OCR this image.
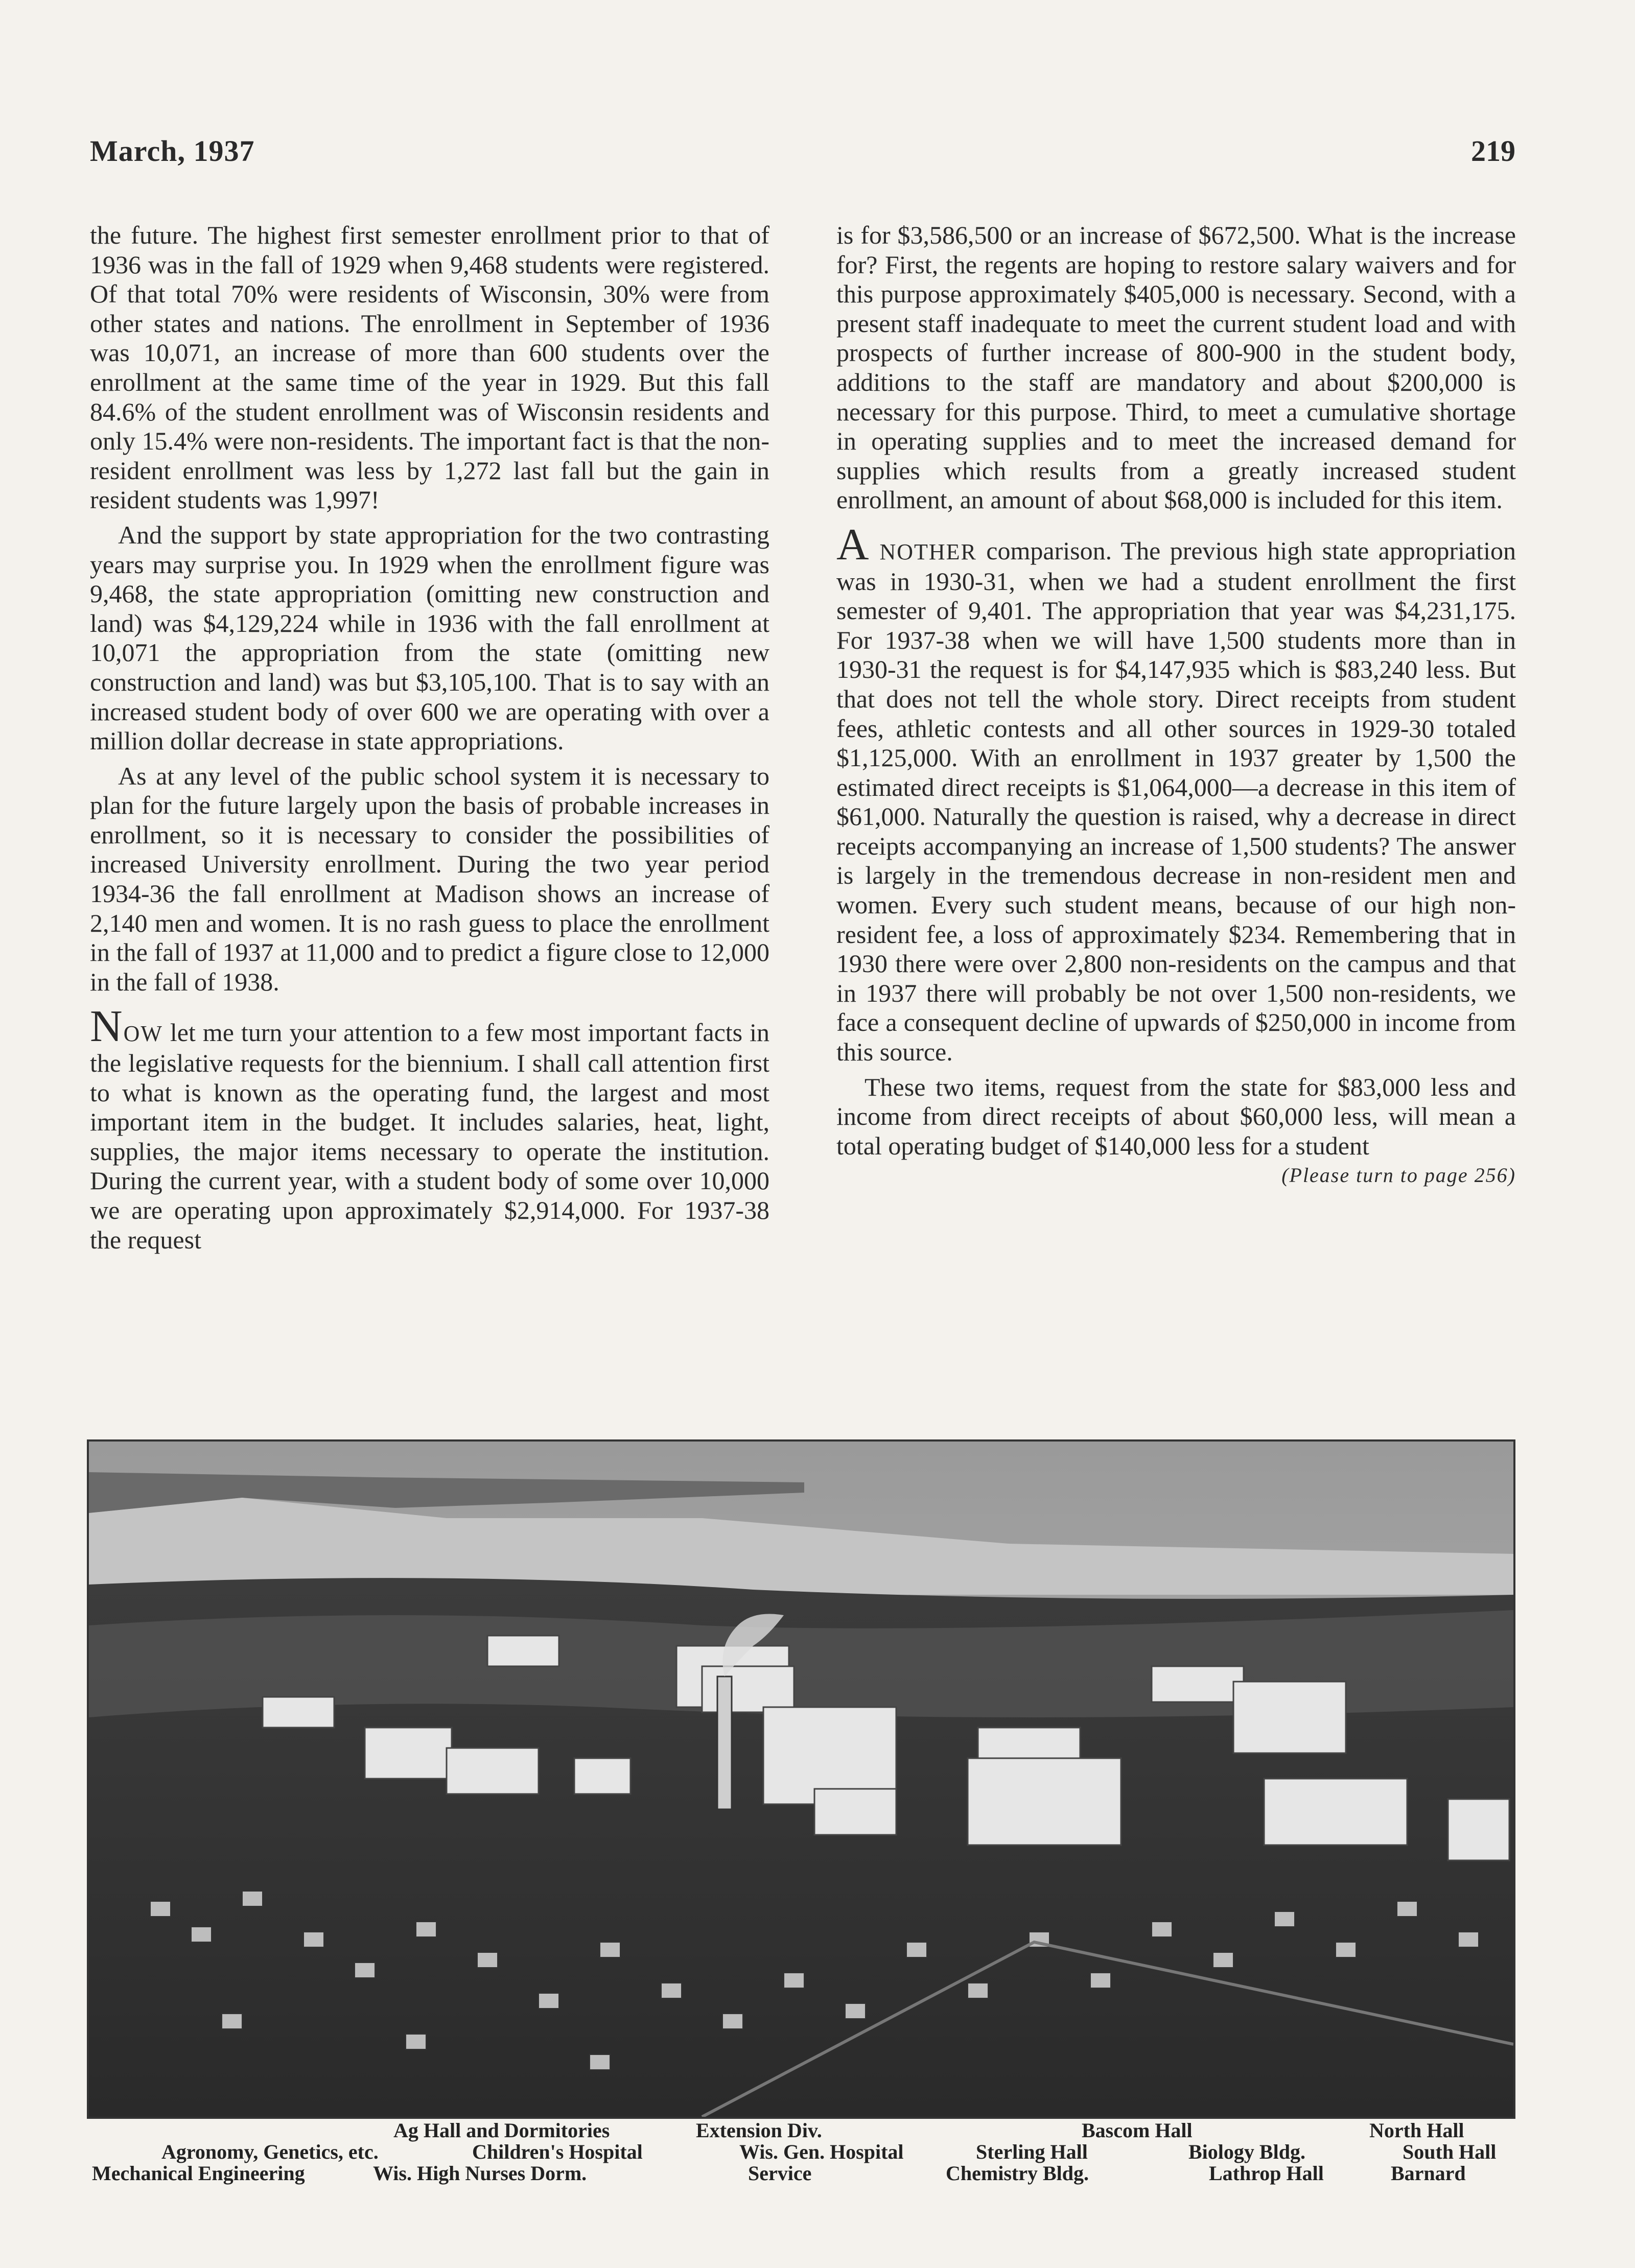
March, 1937	219

the future. The highest first semester enrollment prior to that of 1936 was in the fall of 1929 when 9,468 students were registered. Of that total 70% were residents of Wisconsin, 30% were from other states and nations. The enrollment in September of 1936 was 10,071, an increase of more than 600 students over the enrollment at the same time of the year in 1929. But this fall 84.6% of the student enrollment was of Wisconsin residents and only 15.4% were non-residents. The important fact is that the non-resident enrollment was less by 1,272 last fall but the gain in resident students was 1,997!

And the support by state appropriation for the two contrasting years may surprise you. In 1929 when the enrollment figure was 9,468, the state appropriation (omitting new construction and land) was $4,129,224 while in 1936 with the fall enrollment at 10,071 the appropriation from the state (omitting new construction and land) was but $3,105,100. That is to say with an increased student body of over 600 we are operating with over a million dollar decrease in state appropriations.

As at any level of the public school system it is necessary to plan for the future largely upon the basis of probable increases in enrollment, so it is necessary to consider the possibilities of increased University enrollment. During the two year period 1934-36 the fall enrollment at Madison shows an increase of 2,140 men and women. It is no rash guess to place the enrollment in the fall of 1937 at 11,000 and to predict a figure close to 12,000 in the fall of 1938.

NOW let me turn your attention to a few most important facts in the legislative requests for the biennium. I shall call attention first to what is known as the operating fund, the largest and most important item in the budget. It includes salaries, heat, light, supplies, the major items necessary to operate the institution. During the current year, with a student body of some over 10,000 we are operating upon approximately $2,914,000. For 1937-38 the request

is for $3,586,500 or an increase of $672,500. What is the increase for? First, the regents are hoping to restore salary waivers and for this purpose approximately $405,000 is necessary. Second, with a present staff inadequate to meet the current student load and with prospects of further increase of 800-900 in the student body, additions to the staff are mandatory and about $200,000 is necessary for this purpose. Third, to meet a cumulative shortage in operating supplies and to meet the increased demand for supplies which results from a greatly increased student enrollment, an amount of about $68,000 is included for this item.

A NOTHER comparison. The previous high state appropriation was in 1930-31, when we had a student enrollment the first semester of 9,401. The appropriation that year was $4,231,175. For 1937-38 when we will have 1,500 students more than in 1930-31 the request is for $4,147,935 which is $83,240 less. But that does not tell the whole story. Direct receipts from student fees, athletic contests and all other sources in 1929-30 totaled $1,125,000. With an enrollment in 1937 greater by 1,500 the estimated direct receipts is $1,064,000—a decrease in this item of $61,000. Naturally the question is raised, why a decrease in direct receipts accompanying an increase of 1,500 students? The answer is largely in the tremendous decrease in non-resident men and women. Every such student means, because of our high non-resident fee, a loss of approximately $234. Remembering that in 1930 there were over 2,800 non-residents on the campus and that in 1937 there will probably be not over 1,500 non-residents, we face a consequent decline of upwards of $250,000 in income from this source.

These two items, request from the state for $83,000 less and income from direct receipts of about $60,000 less, will mean a total operating budget of $140,000 less for a student
(Please turn to page 256)

Ag Hall and Dormitories	Extension Div.	Bascom Hall	North Hall
Agronomy, Genetics, etc.	Children's Hospital	Wis. Gen. Hospital	Sterling Hall	Biology Bldg.	South Hall
Mechanical Engineering	Wis. High Nurses Dorm.	Service	Chemistry Bldg.	Lathrop Hall	Barnard
